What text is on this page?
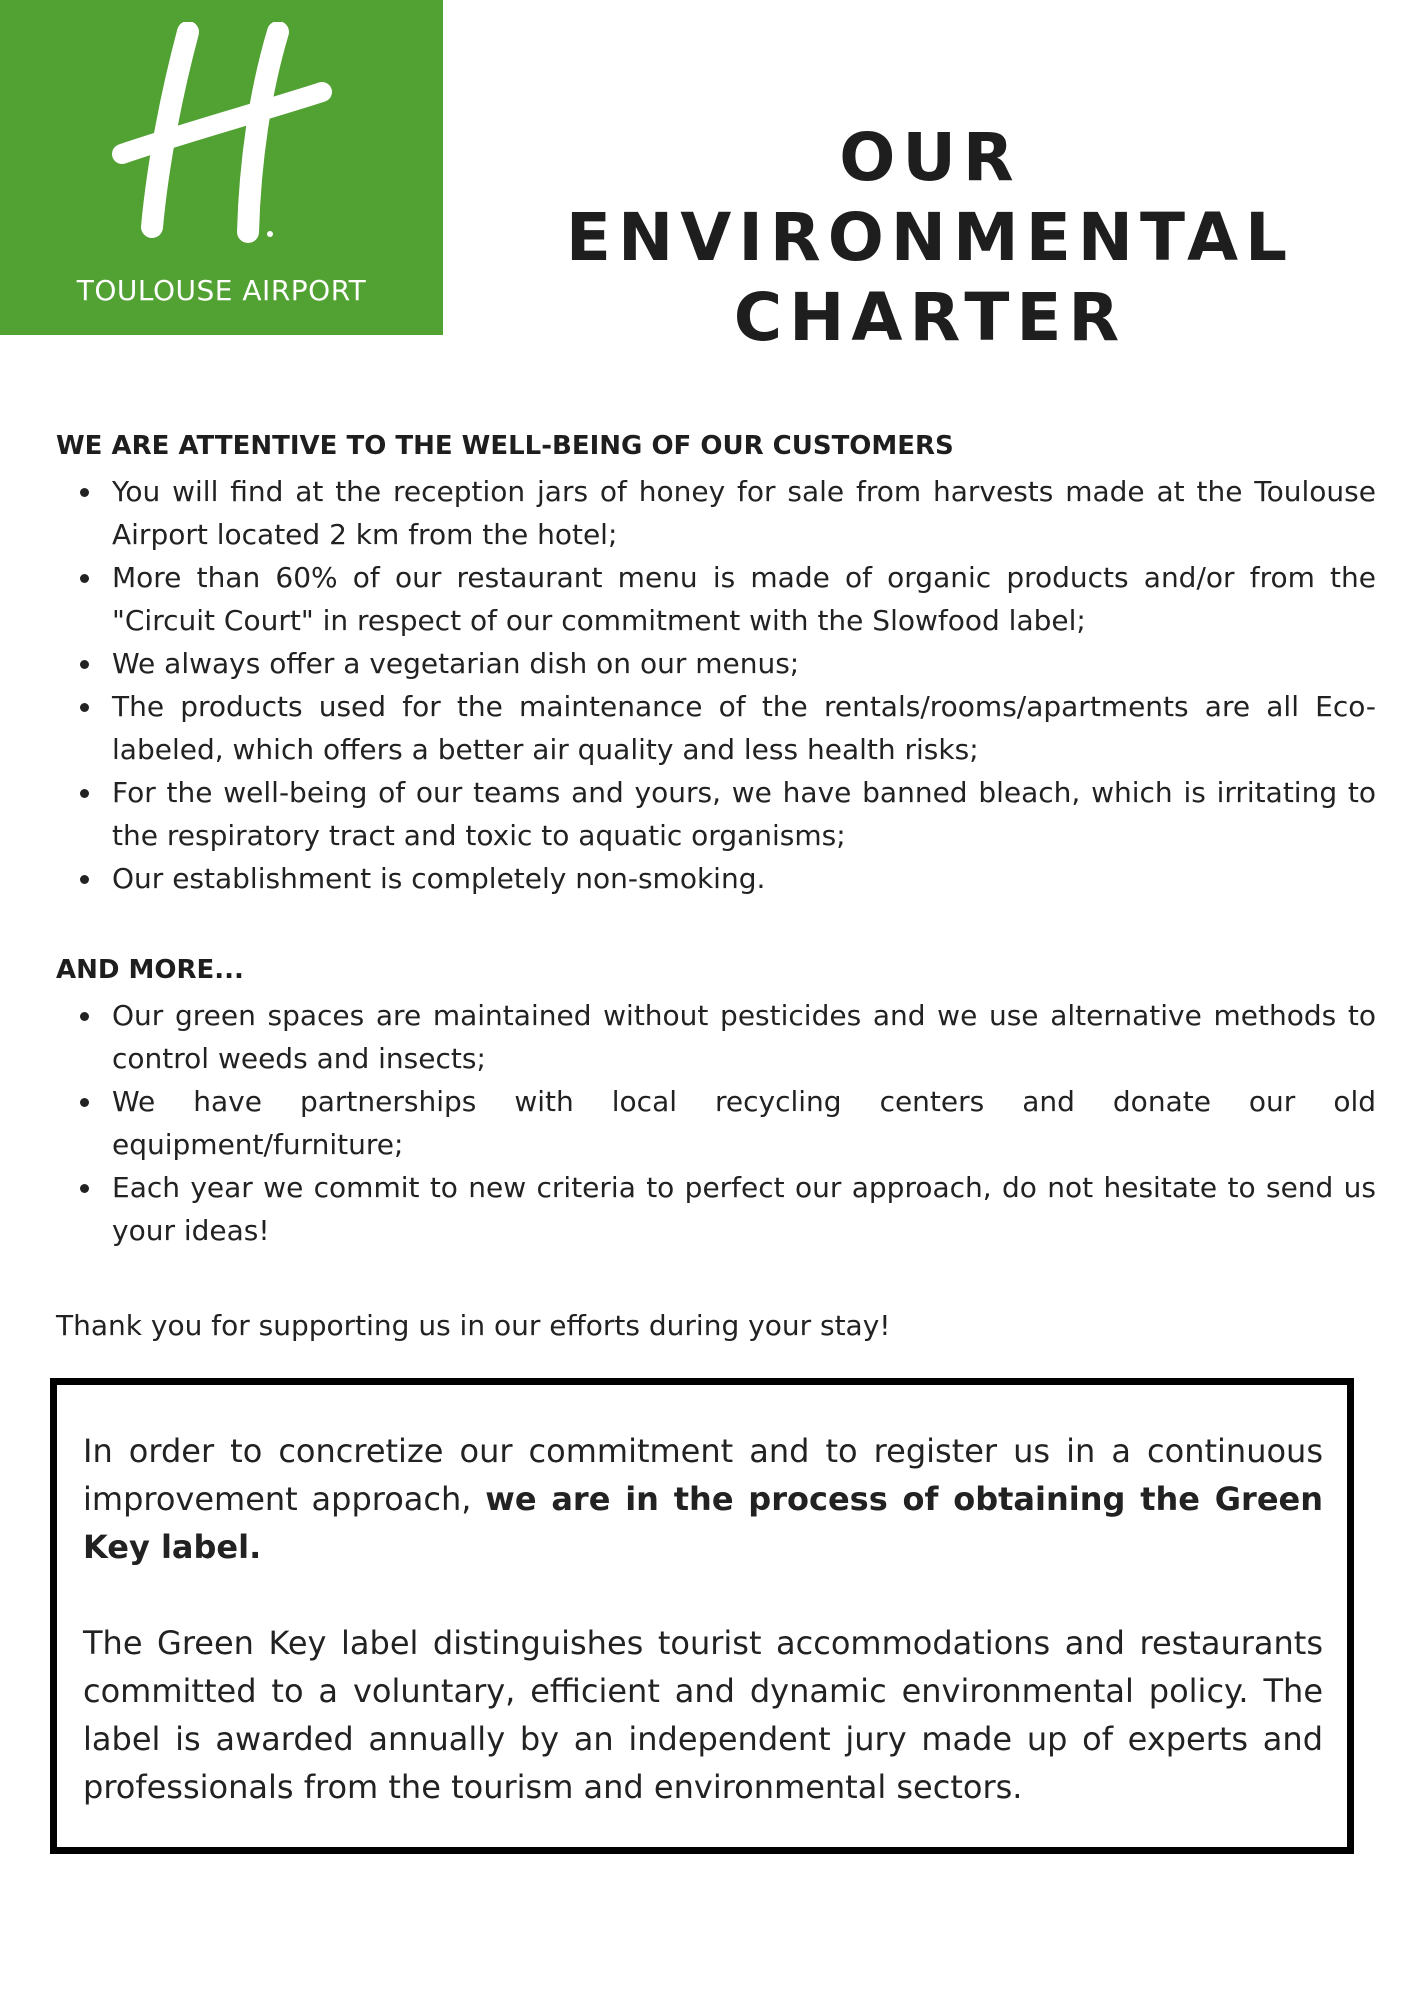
TOULOUSE AIRPORT
OUR ENVIRONMENTAL
CHARTER
WE ARE ATTENTIVE TO THE WELL-BEING OF OUR CUSTOMERS
You will find at the reception jars of honey for sale from harvests made at the Toulouse Airport located 2 km from the hotel;
More than 60% of our restaurant menu is made of organic products and/or from the "Circuit Court" in respect of our commitment with the Slowfood label;
We always offer a vegetarian dish on our menus;
The products used for the maintenance of the rentals/rooms/apartments are all Eco-labeled, which offers a better air quality and less health risks;
For the well-being of our teams and yours, we have banned bleach, which is irritating to the respiratory tract and toxic to aquatic organisms;
Our establishment is completely non-smoking.
AND MORE...
Our green spaces are maintained without pesticides and we use alternative methods to control weeds and insects;
We have partnerships with local recycling centers and donate our old equipment/furniture;
Each year we commit to new criteria to perfect our approach, do not hesitate to send us your ideas!

Thank you for supporting us in our efforts during your stay!

In order to concretize our commitment and to register us in a continuous improvement approach, we are in the process of obtaining the Green Key label.

The Green Key label distinguishes tourist accommodations and restaurants committed to a voluntary, efficient and dynamic environmental policy. The label is awarded annually by an independent jury made up of experts and professionals from the tourism and environmental sectors.
